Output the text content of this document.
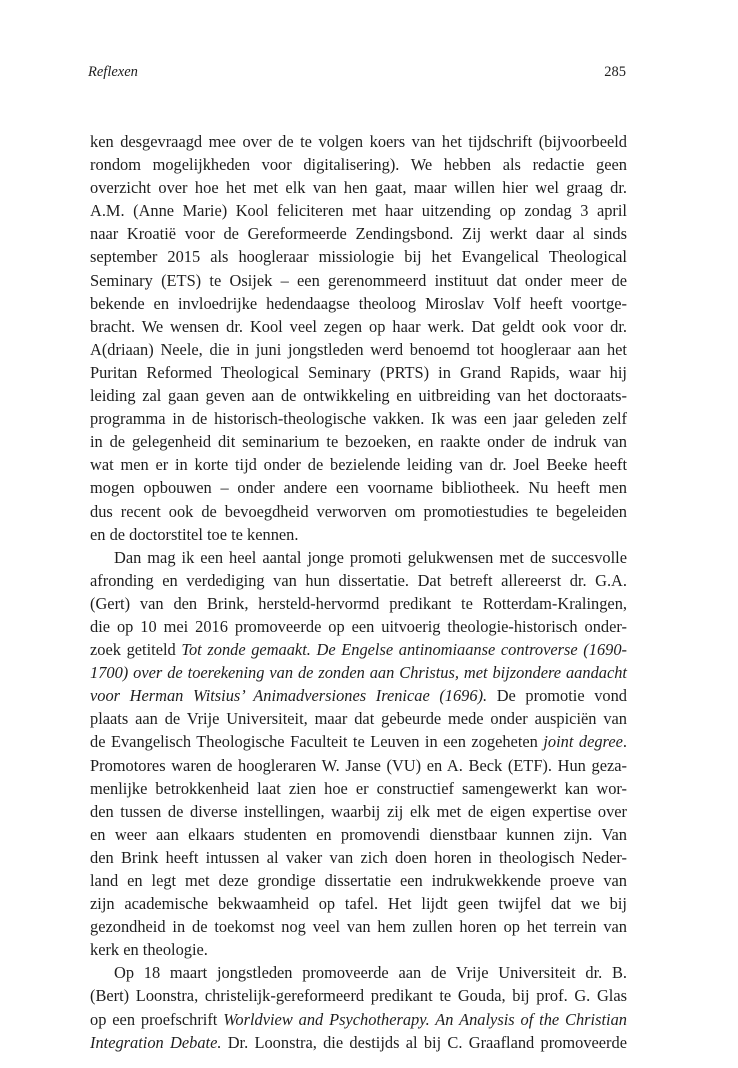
Reflexen	285
ken desgevraagd mee over de te volgen koers van het tijdschrift (bijvoorbeeld
rondom mogelijkheden voor digitalisering). We hebben als redactie geen
overzicht over hoe het met elk van hen gaat, maar willen hier wel graag dr.
A.M. (Anne Marie) Kool feliciteren met haar uitzending op zondag 3 april
naar Kroatië voor de Gereformeerde Zendingsbond. Zij werkt daar al sinds
september 2015 als hoogleraar missiologie bij het Evangelical Theological
Seminary (ETS) te Osijek – een gerenommeerd instituut dat onder meer de
bekende en invloedrijke hedendaagse theoloog Miroslav Volf heeft voortge-
bracht. We wensen dr. Kool veel zegen op haar werk. Dat geldt ook voor dr.
A(driaan) Neele, die in juni jongstleden werd benoemd tot hoogleraar aan het
Puritan Reformed Theological Seminary (PRTS) in Grand Rapids, waar hij
leiding zal gaan geven aan de ontwikkeling en uitbreiding van het doctoraats-
programma in de historisch-theologische vakken. Ik was een jaar geleden zelf
in de gelegenheid dit seminarium te bezoeken, en raakte onder de indruk van
wat men er in korte tijd onder de bezielende leiding van dr. Joel Beeke heeft
mogen opbouwen – onder andere een voorname bibliotheek. Nu heeft men
dus recent ook de bevoegdheid verworven om promotiestudies te begeleiden
en de doctorstitel toe te kennen.
Dan mag ik een heel aantal jonge promoti gelukwensen met de succesvolle
afronding en verdediging van hun dissertatie. Dat betreft allereerst dr. G.A.
(Gert) van den Brink, hersteld-hervormd predikant te Rotterdam-Kralingen,
die op 10 mei 2016 promoveerde op een uitvoerig theologie-historisch onder-
zoek getiteld Tot zonde gemaakt. De Engelse antinomiaanse controverse (1690-
1700) over de toerekening van de zonden aan Christus, met bijzondere aandacht
voor Herman Witsius’ Animadversiones Irenicae (1696). De promotie vond
plaats aan de Vrije Universiteit, maar dat gebeurde mede onder auspiciën van
de Evangelisch Theologische Faculteit te Leuven in een zogeheten joint degree.
Promotores waren de hoogleraren W. Janse (VU) en A. Beck (ETF). Hun geza-
menlijke betrokkenheid laat zien hoe er constructief samengewerkt kan wor-
den tussen de diverse instellingen, waarbij zij elk met de eigen expertise over
en weer aan elkaars studenten en promovendi dienstbaar kunnen zijn. Van
den Brink heeft intussen al vaker van zich doen horen in theologisch Neder-
land en legt met deze grondige dissertatie een indrukwekkende proeve van
zijn academische bekwaamheid op tafel. Het lijdt geen twijfel dat we bij
gezondheid in de toekomst nog veel van hem zullen horen op het terrein van
kerk en theologie.
Op 18 maart jongstleden promoveerde aan de Vrije Universiteit dr. B.
(Bert) Loonstra, christelijk-gereformeerd predikant te Gouda, bij prof. G. Glas
op een proefschrift Worldview and Psychotherapy. An Analysis of the Christian
Integration Debate. Dr. Loonstra, die destijds al bij C. Graafland promoveerde
